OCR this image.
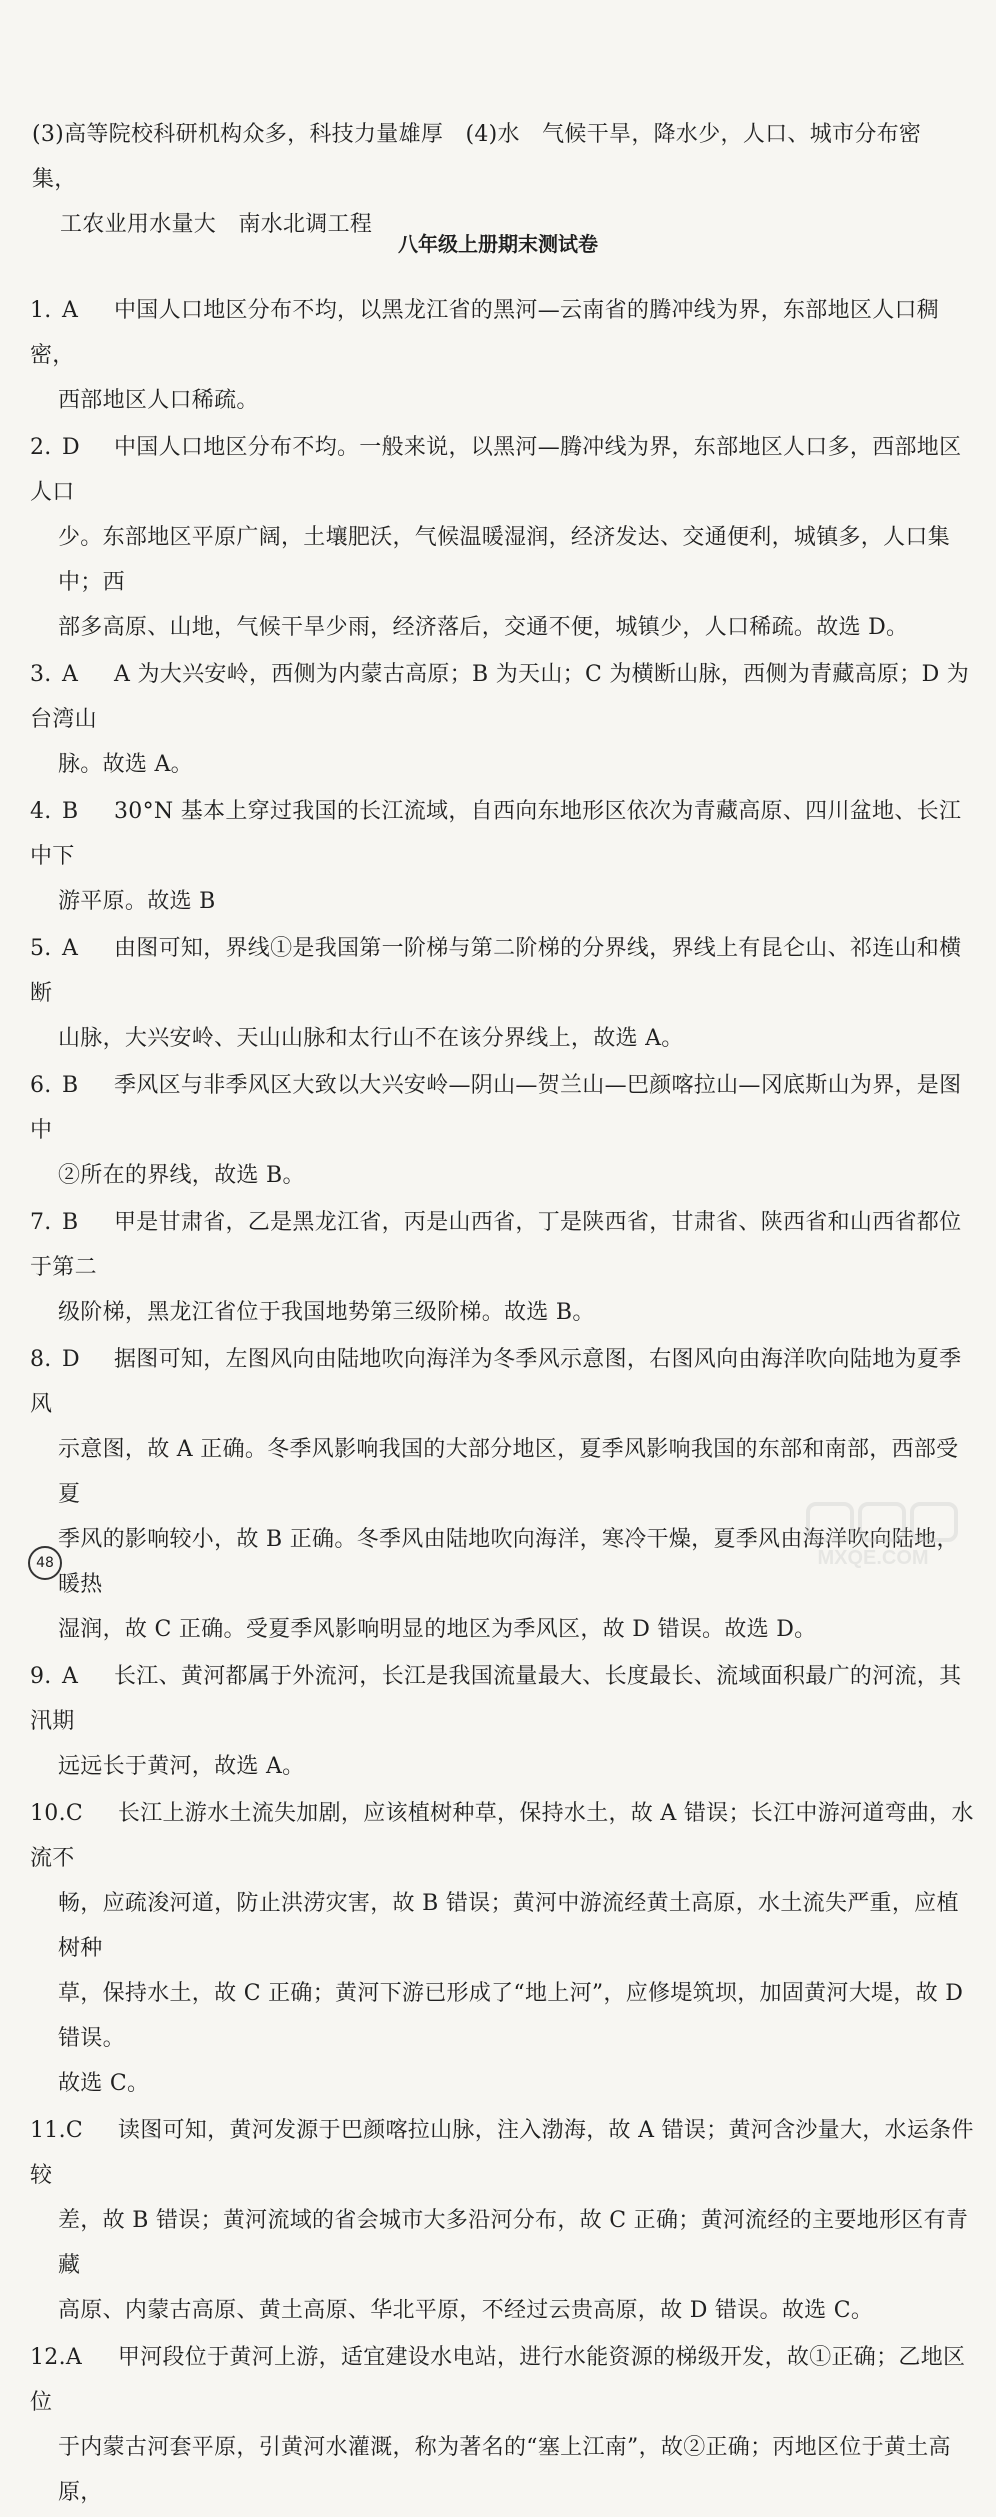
(3)高等院校科研机构众多，科技力量雄厚　(4)水　气候干旱，降水少，人口、城市分布密集，
工农业用水量大　南水北调工程
八年级上册期末测试卷
1. A 中国人口地区分布不均，以黑龙江省的黑河—云南省的腾冲线为界，东部地区人口稠密，
西部地区人口稀疏。
2. D 中国人口地区分布不均。一般来说，以黑河—腾冲线为界，东部地区人口多，西部地区人口
少。东部地区平原广阔，土壤肥沃，气候温暖湿润，经济发达、交通便利，城镇多，人口集中；西
部多高原、山地，气候干旱少雨，经济落后，交通不便，城镇少，人口稀疏。故选 D。
3. A A 为大兴安岭，西侧为内蒙古高原；B 为天山；C 为横断山脉，西侧为青藏高原；D 为台湾山
脉。故选 A。
4. B 30°N 基本上穿过我国的长江流域，自西向东地形区依次为青藏高原、四川盆地、长江中下
游平原。故选 B
5. A 由图可知，界线①是我国第一阶梯与第二阶梯的分界线，界线上有昆仑山、祁连山和横断
山脉，大兴安岭、天山山脉和太行山不在该分界线上，故选 A。
6. B 季风区与非季风区大致以大兴安岭—阴山—贺兰山—巴颜喀拉山—冈底斯山为界，是图中
②所在的界线，故选 B。
7. B 甲是甘肃省，乙是黑龙江省，丙是山西省，丁是陕西省，甘肃省、陕西省和山西省都位于第二
级阶梯，黑龙江省位于我国地势第三级阶梯。故选 B。
8. D 据图可知，左图风向由陆地吹向海洋为冬季风示意图，右图风向由海洋吹向陆地为夏季风
示意图，故 A 正确。冬季风影响我国的大部分地区，夏季风影响我国的东部和南部，西部受夏
季风的影响较小，故 B 正确。冬季风由陆地吹向海洋，寒冷干燥，夏季风由海洋吹向陆地，暖热
湿润，故 C 正确。受夏季风影响明显的地区为季风区，故 D 错误。故选 D。
9. A 长江、黄河都属于外流河，长江是我国流量最大、长度最长、流域面积最广的河流，其汛期
远远长于黄河，故选 A。
10.C 长江上游水土流失加剧，应该植树种草，保持水土，故 A 错误；长江中游河道弯曲，水流不
畅，应疏浚河道，防止洪涝灾害，故 B 错误；黄河中游流经黄土高原，水土流失严重，应植树种
草，保持水土，故 C 正确；黄河下游已形成了“地上河”，应修堤筑坝，加固黄河大堤，故 D 错误。
故选 C。
11.C 读图可知，黄河发源于巴颜喀拉山脉，注入渤海，故 A 错误；黄河含沙量大，水运条件较
差，故 B 错误；黄河流域的省会城市大多沿河分布，故 C 正确；黄河流经的主要地形区有青藏
高原、内蒙古高原、黄土高原、华北平原，不经过云贵高原，故 D 错误。故选 C。
12.A 甲河段位于黄河上游，适宜建设水电站，进行水能资源的梯级开发，故①正确；乙地区位
于内蒙古河套平原，引黄河水灌溉，称为著名的“塞上江南”，故②正确；丙地区位于黄土高原，
48	MXQE.COM
